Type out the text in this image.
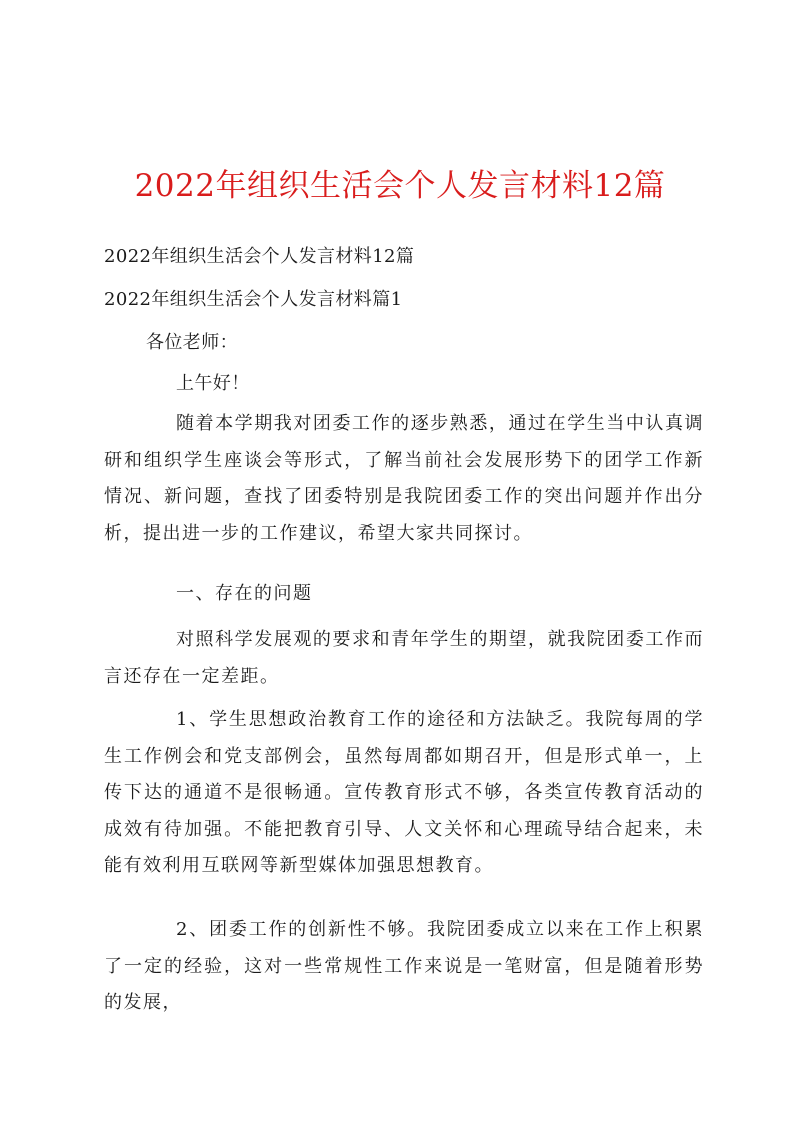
2022年组织生活会个人发言材料12篇
2022年组织生活会个人发言材料12篇
2022年组织生活会个人发言材料篇1
各位老师：
上午好！
随着本学期我对团委工作的逐步熟悉，通过在学生当中认真调研和组织学生座谈会等形式，了解当前社会发展形势下的团学工作新情况、新问题，查找了团委特别是我院团委工作的突出问题并作出分析，提出进一步的工作建议，希望大家共同探讨。
一、存在的问题
对照科学发展观的要求和青年学生的期望，就我院团委工作而言还存在一定差距。
1、学生思想政治教育工作的途径和方法缺乏。我院每周的学生工作例会和党支部例会，虽然每周都如期召开，但是形式单一，上传下达的通道不是很畅通。宣传教育形式不够，各类宣传教育活动的成效有待加强。不能把教育引导、人文关怀和心理疏导结合起来，未能有效利用互联网等新型媒体加强思想教育。
2、团委工作的创新性不够。我院团委成立以来在工作上积累了一定的经验，这对一些常规性工作来说是一笔财富，但是随着形势的发展，
